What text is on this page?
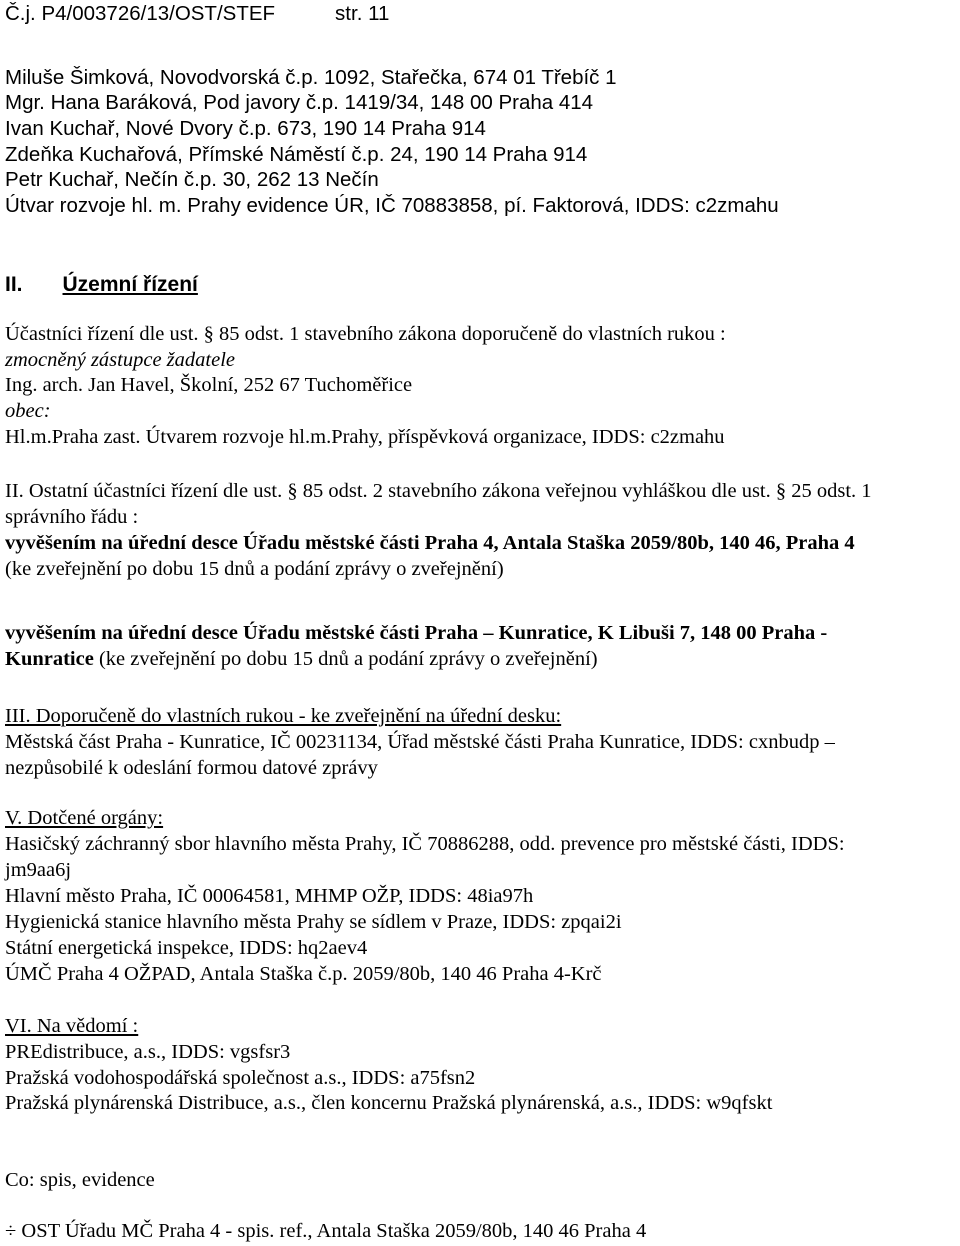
Č.j. P4/003726/13/OST/STEF	str. 11
Miluše Šimková, Novodvorská č.p. 1092, Stařečka, 674 01 Třebíč 1
Mgr. Hana Baráková, Pod javory č.p. 1419/34, 148 00 Praha 414
Ivan Kuchař, Nové Dvory č.p. 673, 190 14 Praha 914
Zdeňka Kuchařová, Přímské Náměstí č.p. 24, 190 14 Praha 914
Petr Kuchař, Nečín č.p. 30, 262 13 Nečín
Útvar rozvoje hl. m. Prahy evidence ÚR, IČ 70883858, pí. Faktorová, IDDS: c2zmahu
II. Územní řízení
Účastníci řízení dle ust. § 85 odst. 1 stavebního zákona doporučeně do vlastních rukou :
zmocněný zástupce žadatele
Ing. arch. Jan Havel, Školní, 252 67 Tuchoměřice
obec:
Hl.m.Praha zast. Útvarem rozvoje hl.m.Prahy, příspěvková organizace, IDDS: c2zmahu
II. Ostatní účastníci řízení dle ust. § 85 odst. 2 stavebního zákona veřejnou vyhláškou dle ust. § 25 odst. 1
správního řádu :
vyvěšením na úřední desce Úřadu městské části Praha 4, Antala Staška 2059/80b, 140 46, Praha 4
(ke zveřejnění po dobu 15 dnů a podání zprávy o zveřejnění)
vyvěšením na úřední desce Úřadu městské části Praha – Kunratice, K Libuši 7, 148 00 Praha -
Kunratice (ke zveřejnění po dobu 15 dnů a podání zprávy o zveřejnění)
III. Doporučeně do vlastních rukou - ke zveřejnění na úřední desku:
Městská část Praha - Kunratice, IČ 00231134, Úřad městské části Praha Kunratice, IDDS: cxnbudp –
nezpůsobilé k odeslání formou datové zprávy
V. Dotčené orgány:
Hasičský záchranný sbor hlavního města Prahy, IČ 70886288, odd. prevence pro městské části, IDDS:
jm9aa6j
Hlavní město Praha, IČ 00064581, MHMP OŽP, IDDS: 48ia97h
Hygienická stanice hlavního města Prahy se sídlem v Praze, IDDS: zpqai2i
Státní energetická inspekce, IDDS: hq2aev4
ÚMČ Praha 4 OŽPAD, Antala Staška č.p. 2059/80b, 140 46 Praha 4-Krč
VI. Na vědomí :
PREdistribuce, a.s., IDDS: vgsfsr3
Pražská vodohospodářská společnost a.s., IDDS: a75fsn2
Pražská plynárenská Distribuce, a.s., člen koncernu Pražská plynárenská, a.s., IDDS: w9qfskt
Co: spis, evidence
÷ OST Úřadu MČ Praha 4 - spis. ref., Antala Staška 2059/80b, 140 46 Praha 4
